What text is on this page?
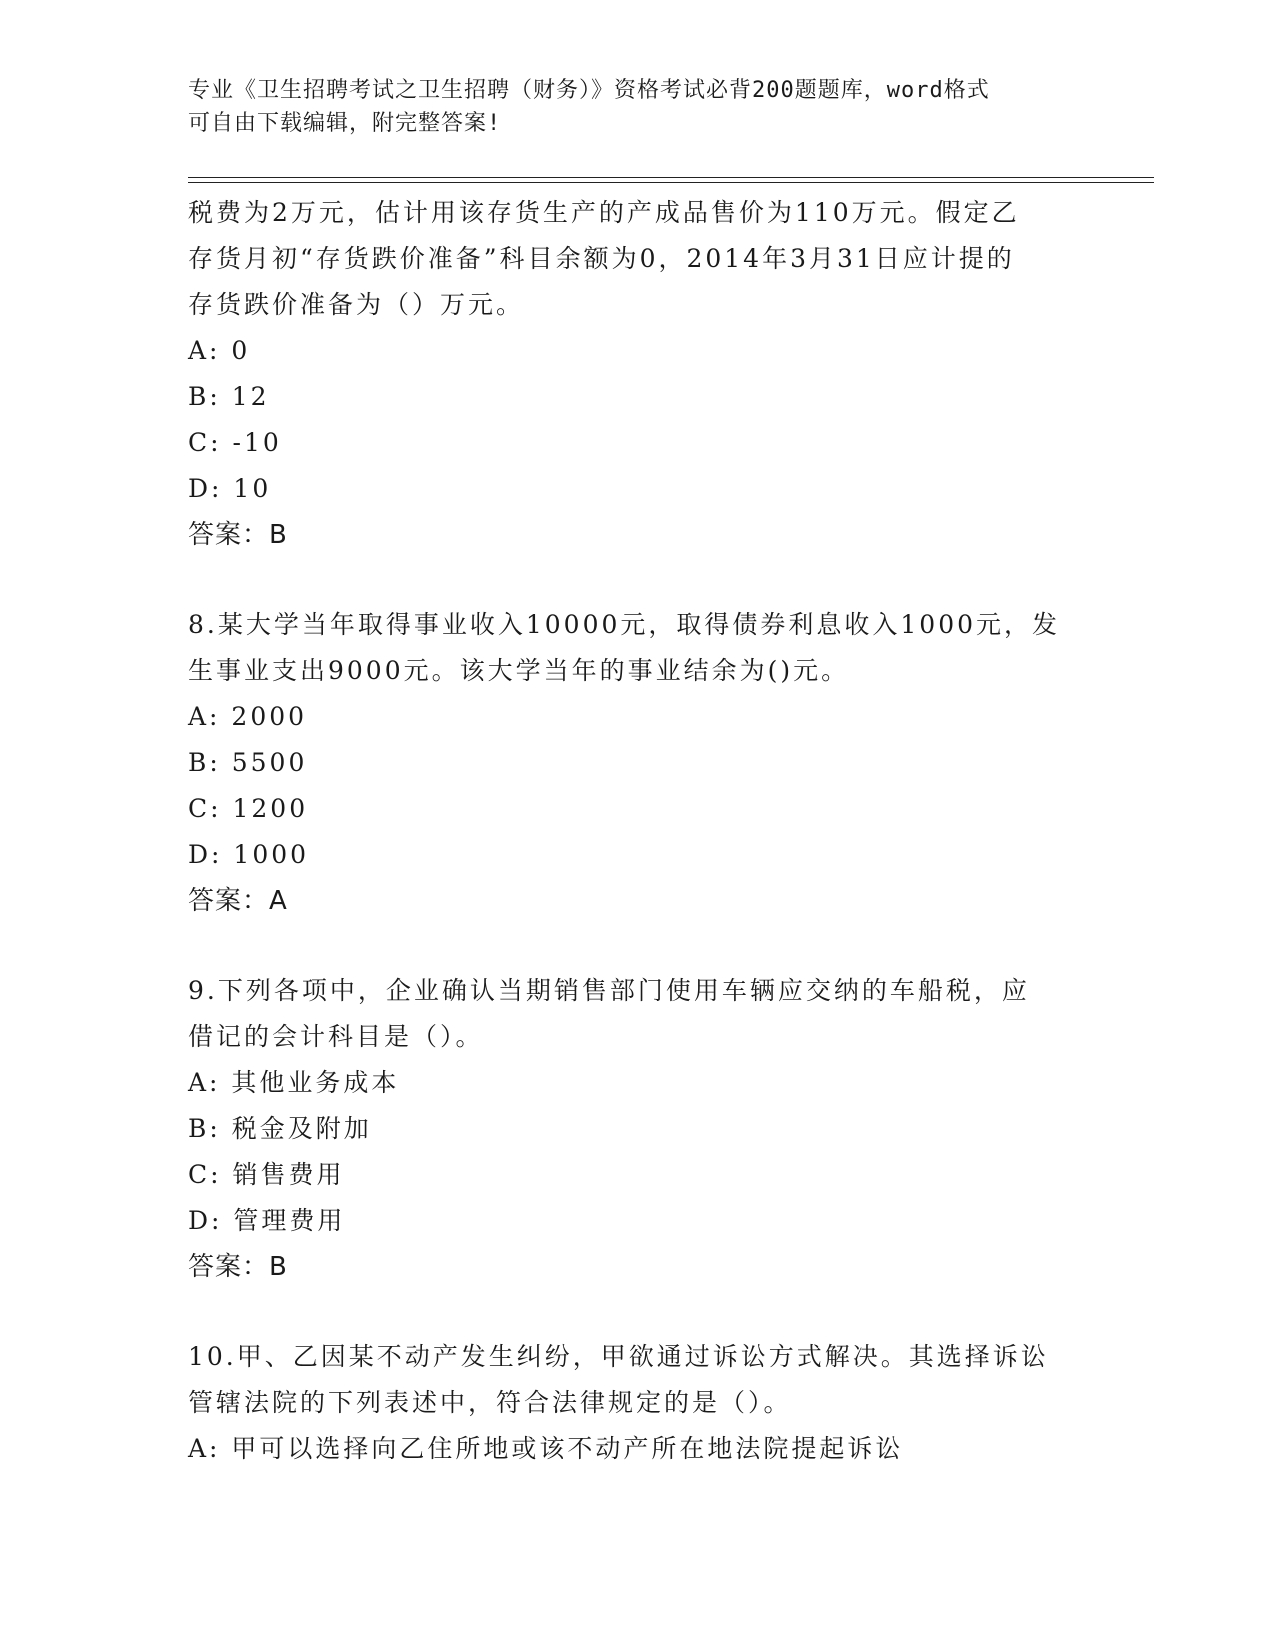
专业《卫生招聘考试之卫生招聘（财务）》资格考试必背200题题库，word格式
可自由下载编辑，附完整答案!
税费为2万元，估计用该存货生产的产成品售价为110万元。假定乙
存货月初“存货跌价准备”科目余额为0，2014年3月31日应计提的
存货跌价准备为（）万元。
A: 0
B: 12
C: -10
D: 10
答案：B
8.某大学当年取得事业收入10000元，取得债券利息收入1000元，发
生事业支出9000元。该大学当年的事业结余为()元。
A: 2000
B: 5500
C: 1200
D: 1000
答案：A
9.下列各项中，企业确认当期销售部门使用车辆应交纳的车船税，应
借记的会计科目是（）。
A: 其他业务成本
B: 税金及附加
C: 销售费用
D: 管理费用
答案：B
10.甲、乙因某不动产发生纠纷，甲欲通过诉讼方式解决。其选择诉讼
管辖法院的下列表述中，符合法律规定的是（）。
A: 甲可以选择向乙住所地或该不动产所在地法院提起诉讼
